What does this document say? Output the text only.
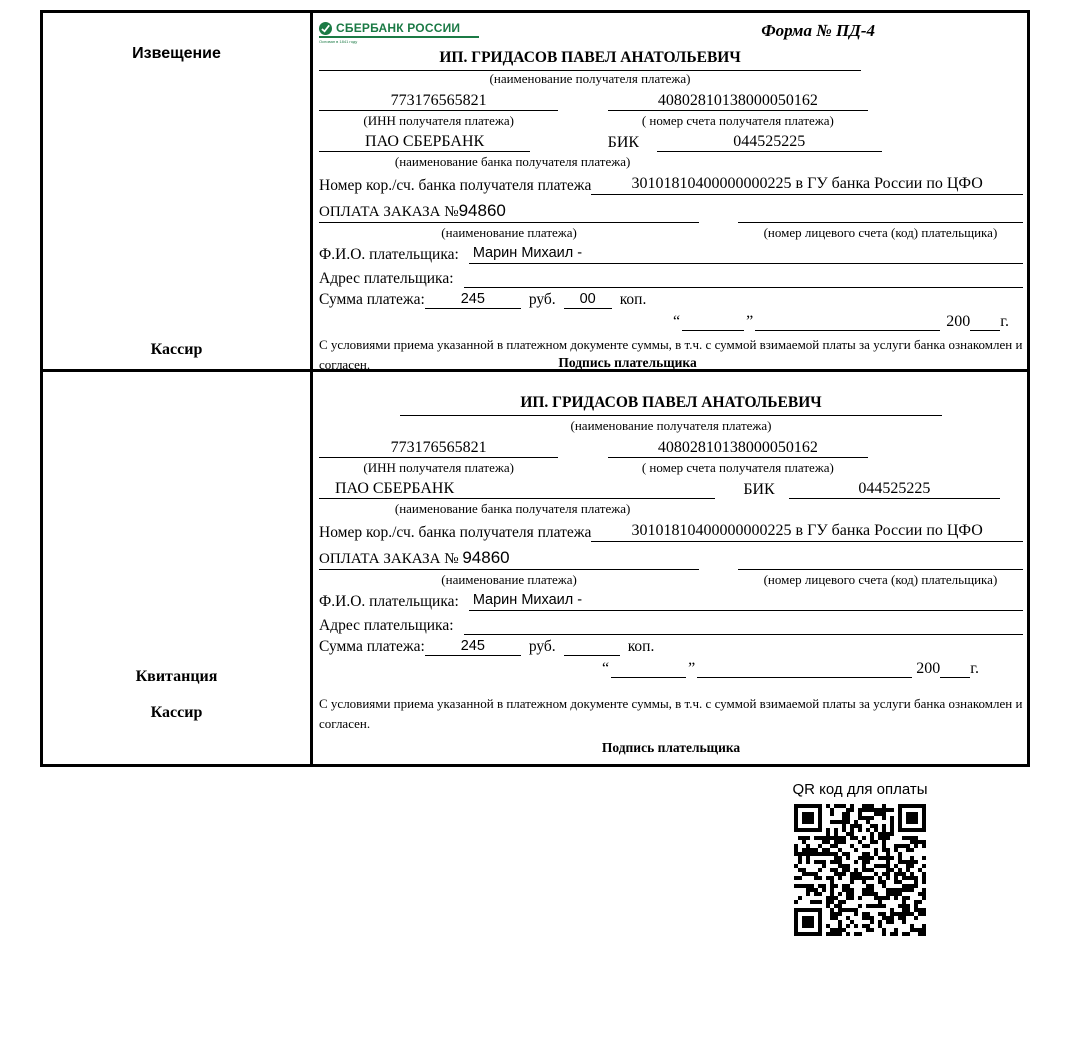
Извещение
Кассир
СБЕРБАНК РОССИИ
Основан в 1841 году
Форма № ПД-4
ИП. ГРИДАСОВ ПАВЕЛ АНАТОЛЬЕВИЧ
(наименование получателя платежа)
773176565821	40802810138000050162
(ИНН получателя платежа)	( номер счета получателя платежа)
ПАО СБЕРБАНК	БИК	044525225
(наименование банка получателя платежа)
Номер кор./сч. банка получателя платежа	30101810400000000225 в ГУ банка России по ЦФО
ОПЛАТА ЗАКАЗА №94860
(наименование платежа)	(номер лицевого счета (код) плательщика)
Ф.И.О. плательщика: Марин Михаил -
Адрес плательщика:
Сумма платежа:	245	руб.	00	коп.
“	”	200 г.
С условиями приема указанной в платежном документе суммы, в т.ч. с суммой взимаемой платы за услуги банка ознакомлен и согласен.	Подпись плательщика
Квитанция
Кассир
ИП. ГРИДАСОВ ПАВЕЛ АНАТОЛЬЕВИЧ
(наименование получателя платежа)
773176565821	40802810138000050162
(ИНН получателя платежа)	( номер счета получателя платежа)
ПАО СБЕРБАНК	БИК	044525225
(наименование банка получателя платежа)
Номер кор./сч. банка получателя платежа	30101810400000000225 в ГУ банка России по ЦФО
ОПЛАТА ЗАКАЗА № 94860
(наименование платежа)	(номер лицевого счета (код) плательщика)
Ф.И.О. плательщика: Марин Михаил -
Адрес плательщика:
Сумма платежа:	245	руб.	коп.
“	”	200 г.
С условиями приема указанной в платежном документе суммы, в т.ч. с суммой взимаемой платы за услуги банка ознакомлен и согласен.
Подпись плательщика
QR код для оплаты
